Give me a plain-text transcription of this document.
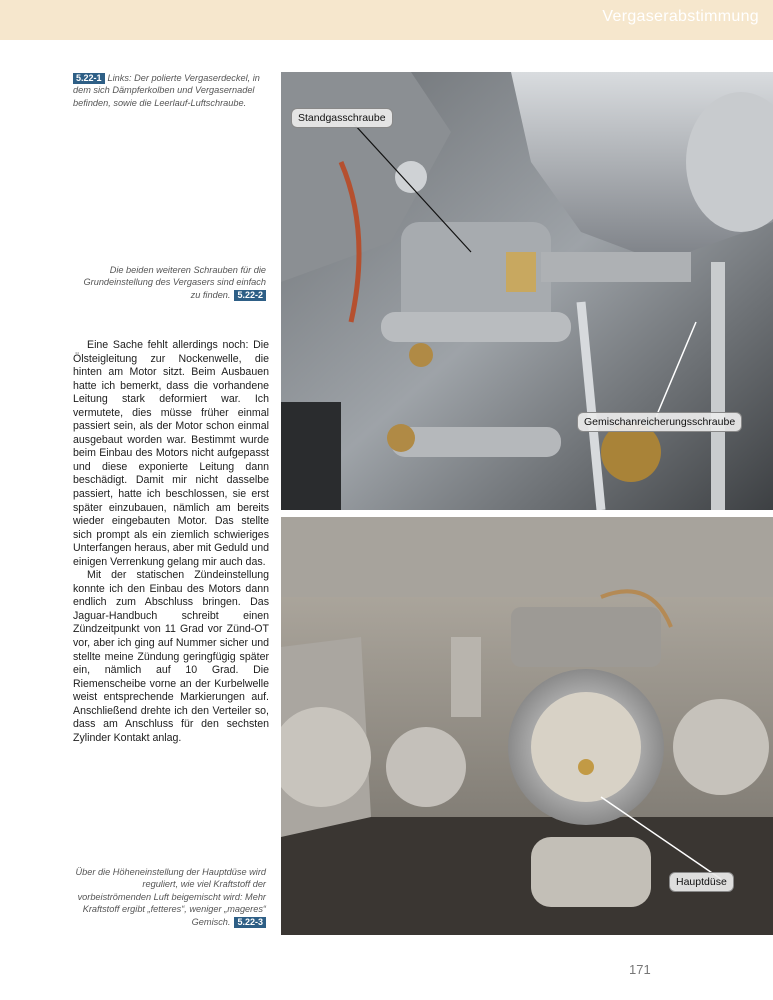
Vergaserabstimmung
5.22-1 Links: Der polierte Vergaserdeckel, in dem sich Dämpferkolben und Vergasernadel befinden, sowie die Leerlauf-Luftschraube.
Die beiden weiteren Schrauben für die Grundeinstellung des Vergasers sind einfach zu finden. 5.22-2

Eine Sache fehlt allerdings noch: Die Ölsteigleitung zur Nockenwelle, die hinten am Motor sitzt. Beim Ausbauen hatte ich bemerkt, dass die vorhandene Leitung stark deformiert war. Ich vermutete, dies müsse früher einmal passiert sein, als der Motor schon einmal ausgebaut worden war. Bestimmt wurde beim Einbau des Motors nicht aufgepasst und diese exponierte Leitung dann beschädigt. Damit mir nicht dasselbe passiert, hatte ich beschlossen, sie erst später einzubauen, nämlich am bereits wieder eingebauten Motor. Das stellte sich prompt als ein ziemlich schwieriges Unterfangen heraus, aber mit Geduld und einigen Verrenkung gelang mir auch das.

Mit der statischen Zündeinstellung konnte ich den Einbau des Motors dann endlich zum Abschluss bringen. Das Jaguar-Handbuch schreibt einen Zündzeitpunkt von 11 Grad vor Zünd-OT vor, aber ich ging auf Nummer sicher und stellte meine Zündung geringfügig später ein, nämlich auf 10 Grad. Die Riemenscheibe vorne an der Kurbelwelle weist entsprechende Markierungen auf. Anschließend drehte ich den Verteiler so, dass am Anschluss für den sechsten Zylinder Kontakt anlag.

Über die Höheneinstellung der Hauptdüse wird reguliert, wie viel Kraftstoff der vorbeiströmenden Luft beigemischt wird: Mehr Kraftstoff ergibt „fetteres“, weniger „mageres“ Gemisch. 5.22-3
Standgasschraube
Gemischanreicherungsschraube
Hauptdüse
171
